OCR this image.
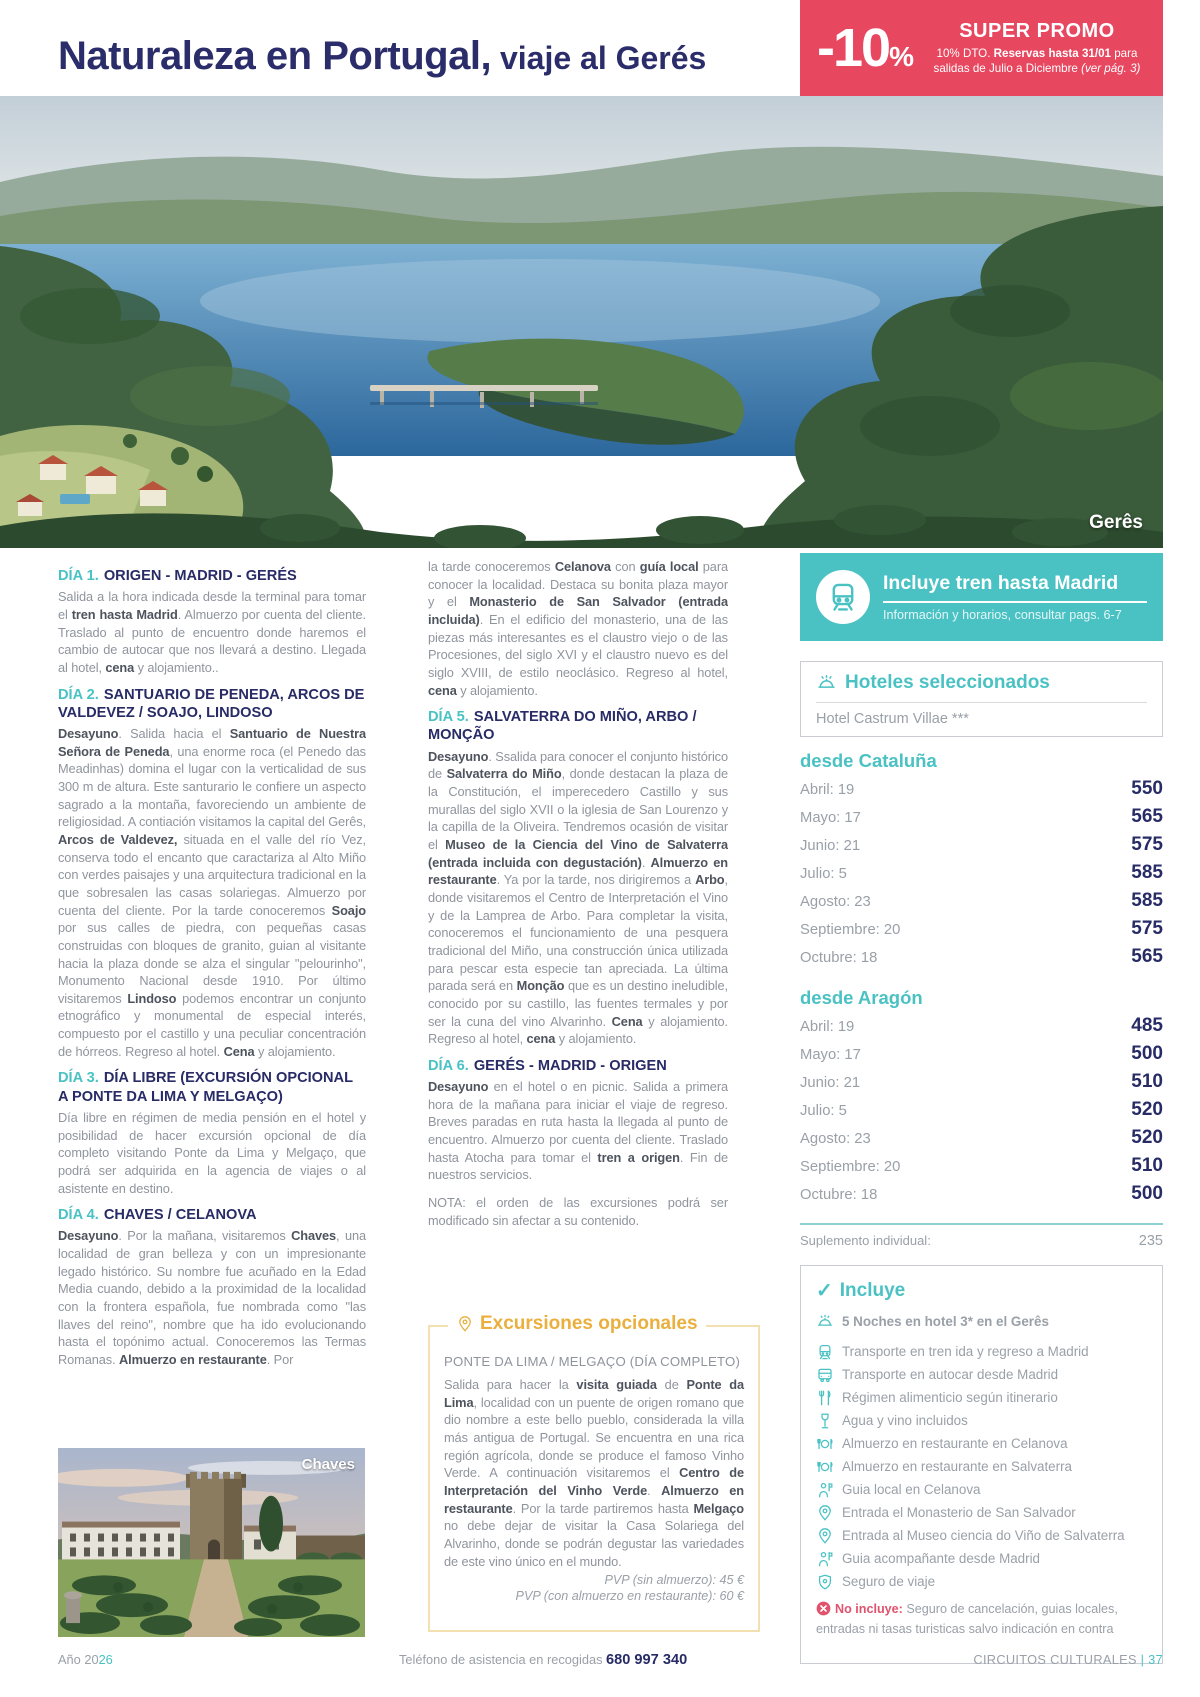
Naturaleza en Portugal, viaje al Gerés -10%
SUPER PROMO
10% DTO. Reservas hasta 31/01 para
salidas de Julio a Diciembre (ver pág. 3)
Gerês
DÍA 1. ORIGEN - MADRID - GERÉS

Salida a la hora indicada desde la terminal para tomar el tren hasta Madrid. Almuerzo por cuenta del cliente. Traslado al punto de encuentro donde haremos el cambio de autocar que nos llevará a destino. Llegada al hotel, cena y alojamiento..

DÍA 2. SANTUARIO DE PENEDA, ARCOS DE VALDEVEZ / SOAJO, LINDOSO

Desayuno. Salida hacia el Santuario de Nuestra Señora de Peneda, una enorme roca (el Penedo das Meadinhas) domina el lugar con la verticalidad de sus 300 m de altura. Este santurario le confiere un aspecto sagrado a la montaña, favoreciendo un ambiente de religiosidad. A contiación visitamos la capital del Gerês, Arcos de Valdevez, situada en el valle del río Vez, conserva todo el encanto que caractariza al Alto Miño con verdes paisajes y una arquitectura tradicional en la que sobresalen las casas solariegas. Almuerzo por cuenta del cliente. Por la tarde conoceremos Soajo por sus calles de piedra, con pequeñas casas construidas con bloques de granito, guian al visitante hacia la plaza donde se alza el singular "pelourinho", Monumento Nacional desde 1910. Por último visitaremos Lindoso podemos encontrar un conjunto etnográfico y monumental de especial interés, compuesto por el castillo y una peculiar concentración de hórreos. Regreso al hotel. Cena y alojamiento.

DÍA 3. DÍA LIBRE (EXCURSIÓN OPCIONAL A PONTE DA LIMA Y MELGAÇO)

Día libre en régimen de media pensión en el hotel y posibilidad de hacer excursión opcional de día completo visitando Ponte da Lima y Melgaço, que podrá ser adquirida en la agencia de viajes o al asistente en destino.

DÍA 4. CHAVES / CELANOVA

Desayuno. Por la mañana, visitaremos Chaves, una localidad de gran belleza y con un impresionante legado histórico. Su nombre fue acuñado en la Edad Media cuando, debido a la proximidad de la localidad con la frontera española, fue nombrada como "las llaves del reino", nombre que ha ido evolucionando hasta el topónimo actual. Conoceremos las Termas Romanas. Almuerzo en restaurante. Por

la tarde conoceremos Celanova con guía local para conocer la localidad. Destaca su bonita plaza mayor y el Monasterio de San Salvador (entrada incluida). En el edificio del monasterio, una de las piezas más interesantes es el claustro viejo o de las Procesiones, del siglo XVI y el claustro nuevo es del siglo XVIII, de estilo neoclásico. Regreso al hotel, cena y alojamiento.

DÍA 5. SALVATERRA DO MIÑO, ARBO / MONÇÃO

Desayuno. Ssalida para conocer el conjunto histórico de Salvaterra do Miño, donde destacan la plaza de la Constitución, el imperecedero Castillo y sus murallas del siglo XVII o la iglesia de San Lourenzo y la capilla de la Oliveira. Tendremos ocasión de visitar el Museo de la Ciencia del Vino de Salvaterra (entrada incluida con degustación). Almuerzo en restaurante. Ya por la tarde, nos dirigiremos a Arbo, donde visitaremos el Centro de Interpretación el Vino y de la Lamprea de Arbo. Para completar la visita, conoceremos el funcionamiento de una pesquera tradicional del Miño, una construcción única utilizada para pescar esta especie tan apreciada. La última parada será en Monção que es un destino ineludible, conocido por su castillo, las fuentes termales y por ser la cuna del vino Alvarinho. Cena y alojamiento. Regreso al hotel, cena y alojamiento.

DÍA 6. GERÉS - MADRID - ORIGEN

Desayuno en el hotel o en picnic. Salida a primera hora de la mañana para iniciar el viaje de regreso. Breves paradas en ruta hasta la llegada al punto de encuentro. Almuerzo por cuenta del cliente. Traslado hasta Atocha para tomar el tren a origen. Fin de nuestros servicios.

NOTA: el orden de las excursiones podrá ser modificado sin afectar a su contenido.

Excursiones opcionales
PONTE DA LIMA / MELGAÇO (DÍA COMPLETO)

Salida para hacer la visita guiada de Ponte da Lima, localidad con un puente de origen romano que dio nombre a este bello pueblo, considerada la villa más antigua de Portugal. Se encuentra en una rica región agrícola, donde se produce el famoso Vinho Verde. A continuación visitaremos el Centro de Interpretación del Vinho Verde. Almuerzo en restaurante. Por la tarde partiremos hasta Melgaço no debe dejar de visitar la Casa Solariega del Alvarinho, donde se podrán degustar las variedades de este vino único en el mundo.

PVP (sin almuerzo): 45 €

PVP (con almuerzo en restaurante): 60 €

Chaves
Incluye tren hasta Madrid
Información y horarios, consultar pags. 6-7
Hoteles seleccionados
Hotel Castrum Villae ***
desde Cataluña
Abril: 19	550
Mayo: 17	565
Junio: 21	575
Julio: 5	585
Agosto: 23	585
Septiembre: 20	575
Octubre: 18	565
desde Aragón
Abril: 19	485
Mayo: 17	500
Junio: 21	510
Julio: 5	520
Agosto: 23	520
Septiembre: 20	510
Octubre: 18	500
Suplemento individual:	235
✓ Incluye
5 Noches en hotel 3* en el Gerês
Transporte en tren ida y regreso a Madrid
Transporte en autocar desde Madrid
Régimen alimenticio según itinerario
Agua y vino incluidos
Almuerzo en restaurante en Celanova
Almuerzo en restaurante en Salvaterra
Guia local en Celanova
Entrada el Monasterio de San Salvador
Entrada al Museo ciencia do Viño de Salvaterra
Guia acompañante desde Madrid
Seguro de viaje

No incluye: Seguro de cancelación, guias locales, entradas ni tasas turisticas salvo indicación en contra

Año 2026	Teléfono de asistencia en recogidas 680 997 340	CIRCUITOS CULTURALES | 37
